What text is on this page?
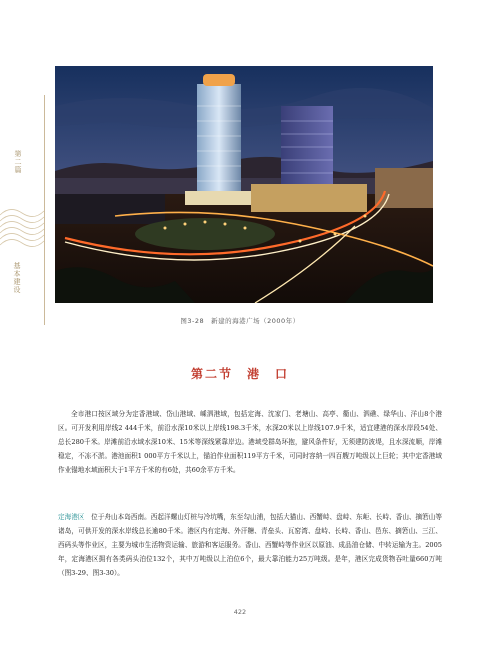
第二篇
基本建设
图3-28　新建的海港广场（2000年）
第二节　港　口

全市港口按区域分为定香港域、岱山港域、嵊泗港域，包括定海、沈家门、老塘山、高亭、衢山、泗礁、绿华山、洋山8个港区。可开发利用岸线2 444千米，前沿水深10米以上岸线198.3千米，水深20米以上岸线107.9千米，适宜建港的深水岸段54处、总长280千米。岸滩前沿水域水深10米、15米等深线紧靠岸边。港域受群岛环抱，避风条件好，无须建防波堤，且水深流顺，岸滩稳定，不冻不淤。港池面积1 000平方千米以上，锚泊作业面积119平方千米，可同时容纳一四百艘万吨级以上巨轮；其中定香港域作业锚地水域面积大于1平方千米的有6处，共60余平方千米。

定海港区　位于舟山本岛西南。西起洋螺山灯桩与冷坑嘴，东至勾山浦，包括大猫山、西蟹峙、盘峙、东岠、长峙、香山、摘箬山等诸岛，可供开发的深水岸线总长逾80千米。港区内有定海、外汗糖、青垒头、瓦窑湾、盘峙、长峙、香山、邑东、摘箬山、三江、西码头等作业区，主要为城市生活物资运输、旅游和客运服务。香山、西蟹峙等作业区以原油、成品油仓储、中转运输为主。2005年，定海港区拥有各类码头泊位132个，其中万吨级以上泊位6个，最大靠泊能力25万吨级。是年，港区完成货物吞吐量660万吨（图3-29、图3-30）。

422
